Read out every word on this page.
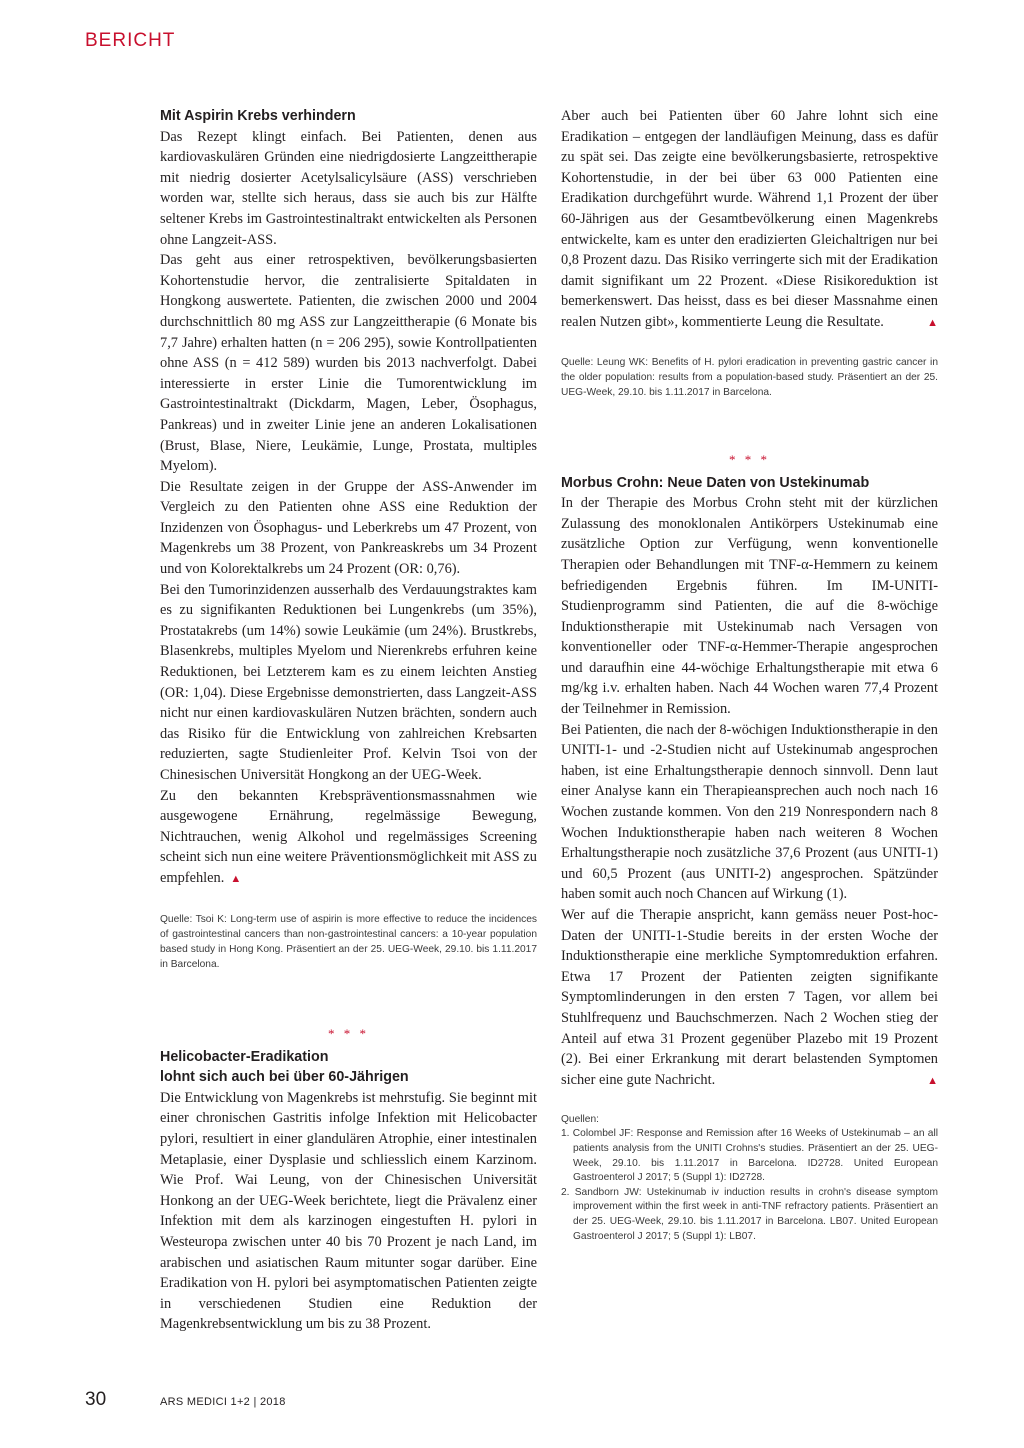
BERICHT
Mit Aspirin Krebs verhindern

Das Rezept klingt einfach. Bei Patienten, denen aus kardiovaskulären Gründen eine niedrigdosierte Langzeittherapie mit niedrig dosierter Acetylsalicylsäure (ASS) verschrieben worden war, stellte sich heraus, dass sie auch bis zur Hälfte seltener Krebs im Gastrointestinaltrakt entwickelten als Personen ohne Langzeit-ASS.

Das geht aus einer retrospektiven, bevölkerungsbasierten Kohortenstudie hervor, die zentralisierte Spitaldaten in Hongkong auswertete. Patienten, die zwischen 2000 und 2004 durchschnittlich 80 mg ASS zur Langzeittherapie (6 Monate bis 7,7 Jahre) erhalten hatten (n = 206 295), sowie Kontrollpatienten ohne ASS (n = 412 589) wurden bis 2013 nachverfolgt. Dabei interessierte in erster Linie die Tumorentwicklung im Gastrointestinaltrakt (Dickdarm, Magen, Leber, Ösophagus, Pankreas) und in zweiter Linie jene an anderen Lokalisationen (Brust, Blase, Niere, Leukämie, Lunge, Prostata, multiples Myelom).

Die Resultate zeigen in der Gruppe der ASS-Anwender im Vergleich zu den Patienten ohne ASS eine Reduktion der Inzidenzen von Ösophagus- und Leberkrebs um 47 Prozent, von Magenkrebs um 38 Prozent, von Pankreaskrebs um 34 Prozent und von Kolorektalkrebs um 24 Prozent (OR: 0,76).

Bei den Tumorinzidenzen ausserhalb des Verdauungstraktes kam es zu signifikanten Reduktionen bei Lungenkrebs (um 35%), Prostatakrebs (um 14%) sowie Leukämie (um 24%). Brustkrebs, Blasenkrebs, multiples Myelom und Nierenkrebs erfuhren keine Reduktionen, bei Letzterem kam es zu einem leichten Anstieg (OR: 1,04). Diese Ergebnisse demonstrierten, dass Langzeit-ASS nicht nur einen kardiovaskulären Nutzen brächten, sondern auch das Risiko für die Entwicklung von zahlreichen Krebsarten reduzierten, sagte Studienleiter Prof. Kelvin Tsoi von der Chinesischen Universität Hongkong an der UEG-Week.

Zu den bekannten Krebspräventionsmassnahmen wie ausgewogene Ernährung, regelmässige Bewegung, Nichtrauchen, wenig Alkohol und regelmässiges Screening scheint sich nun eine weitere Präventionsmöglichkeit mit ASS zu empfehlen. ▲

Quelle: Tsoi K: Long-term use of aspirin is more effective to reduce the incidences of gastrointestinal cancers than non-gastrointestinal cancers: a 10-year population based study in Hong Kong. Präsentiert an der 25. UEG-Week, 29.10. bis 1.11.2017 in Barcelona.

* * *
Helicobacter-Eradikation
lohnt sich auch bei über 60-Jährigen

Die Entwicklung von Magenkrebs ist mehrstufig. Sie beginnt mit einer chronischen Gastritis infolge Infektion mit Helicobacter pylori, resultiert in einer glandulären Atrophie, einer intestinalen Metaplasie, einer Dysplasie und schliesslich einem Karzinom. Wie Prof. Wai Leung, von der Chinesischen Universität Honkong an der UEG-Week berichtete, liegt die Prävalenz einer Infektion mit dem als karzinogen eingestuften H. pylori in Westeuropa zwischen unter 40 bis 70 Prozent je nach Land, im arabischen und asiatischen Raum mitunter sogar darüber. Eine Eradikation von H. pylori bei asymptomatischen Patienten zeigte in verschiedenen Studien eine Reduktion der Magenkrebsentwicklung um bis zu 38 Prozent.

Aber auch bei Patienten über 60 Jahre lohnt sich eine Eradikation – entgegen der landläufigen Meinung, dass es dafür zu spät sei. Das zeigte eine bevölkerungsbasierte, retrospektive Kohortenstudie, in der bei über 63 000 Patienten eine Eradikation durchgeführt wurde. Während 1,1 Prozent der über 60-Jährigen aus der Gesamtbevölkerung einen Magenkrebs entwickelte, kam es unter den eradizierten Gleichaltrigen nur bei 0,8 Prozent dazu. Das Risiko verringerte sich mit der Eradikation damit signifikant um 22 Prozent. «Diese Risikoreduktion ist bemerkenswert. Das heisst, dass es bei dieser Massnahme einen realen Nutzen gibt», kommentierte Leung die Resultate.	▲

Quelle: Leung WK: Benefits of H. pylori eradication in preventing gastric cancer in the older population: results from a population-based study. Präsentiert an der 25. UEG-Week, 29.10. bis 1.11.2017 in Barcelona.

* * *
Morbus Crohn: Neue Daten von Ustekinumab

In der Therapie des Morbus Crohn steht mit der kürzlichen Zulassung des monoklonalen Antikörpers Ustekinumab eine zusätzliche Option zur Verfügung, wenn konventionelle Therapien oder Behandlungen mit TNF-α-Hemmern zu keinem befriedigenden Ergebnis führen. Im IM-UNITI-Studienprogramm sind Patienten, die auf die 8-wöchige Induktionstherapie mit Ustekinumab nach Versagen von konventioneller oder TNF-α-Hemmer-Therapie angesprochen und daraufhin eine 44-wöchige Erhaltungstherapie mit etwa 6 mg/kg i.v. erhalten haben. Nach 44 Wochen waren 77,4 Prozent der Teilnehmer in Remission.

Bei Patienten, die nach der 8-wöchigen Induktionstherapie in den UNITI-1- und -2-Studien nicht auf Ustekinumab angesprochen haben, ist eine Erhaltungstherapie dennoch sinnvoll. Denn laut einer Analyse kann ein Therapieansprechen auch noch nach 16 Wochen zustande kommen. Von den 219 Nonrespondern nach 8 Wochen Induktionstherapie haben nach weiteren 8 Wochen Erhaltungstherapie noch zusätzliche 37,6 Prozent (aus UNITI-1) und 60,5 Prozent (aus UNITI-2) angesprochen. Spätzünder haben somit auch noch Chancen auf Wirkung (1).

Wer auf die Therapie anspricht, kann gemäss neuer Post-hoc-Daten der UNITI-1-Studie bereits in der ersten Woche der Induktionstherapie eine merkliche Symptomreduktion erfahren. Etwa 17 Prozent der Patienten zeigten signifikante Symptomlinderungen in den ersten 7 Tagen, vor allem bei Stuhlfrequenz und Bauchschmerzen. Nach 2 Wochen stieg der Anteil auf etwa 31 Prozent gegenüber Plazebo mit 19 Prozent (2). Bei einer Erkrankung mit derart belastenden Symptomen sicher eine gute Nachricht.	▲

Quellen:

1. Colombel JF: Response and Remission after 16 Weeks of Ustekinumab – an all patients analysis from the UNITI Crohns's studies. Präsentiert an der 25. UEG-Week, 29.10. bis 1.11.2017 in Barcelona. ID2728. United European Gastroenterol J 2017; 5 (Suppl 1): ID2728.
2. Sandborn JW: Ustekinumab iv induction results in crohn's disease symptom improvement within the first week in anti-TNF refractory patients. Präsentiert an der 25. UEG-Week, 29.10. bis 1.11.2017 in Barcelona. LB07. United European Gastroenterol J 2017; 5 (Suppl 1): LB07.
30	ARS MEDICI 1+2 | 2018
